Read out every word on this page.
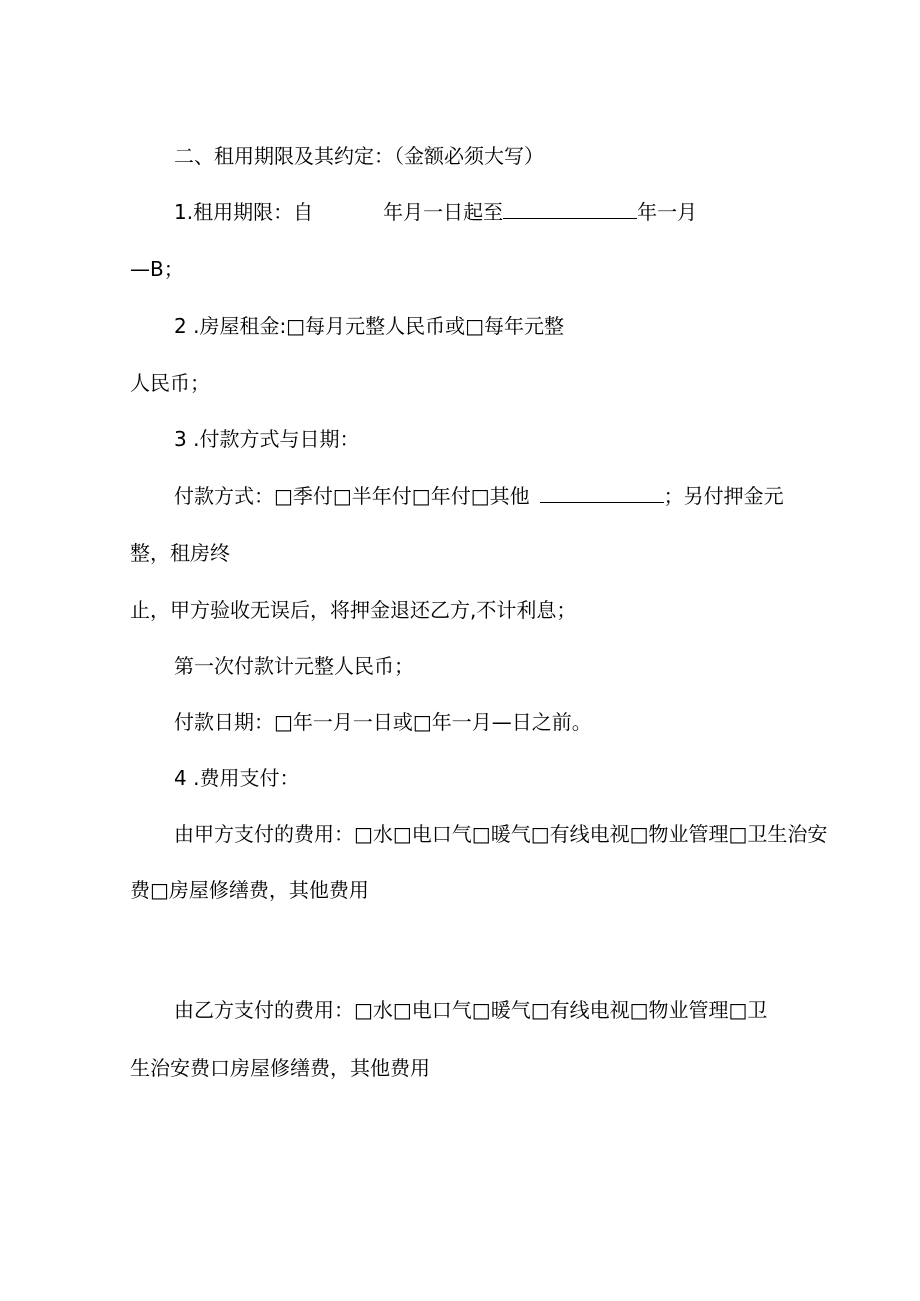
二、租用期限及其约定：（金额必须大写）
1.租用期限：自	年月一日起至	年一月
—B；
2 .房屋租金:□每月元整人民币或□每年元整
人民币；
3 .付款方式与日期：
付款方式：□季付□半年付□年付□其他	；另付押金元
整，租房终
止，甲方验收无误后，将押金退还乙方,不计利息；
第一次付款计元整人民币；
付款日期：□年一月一日或□年一月—日之前。
4 .费用支付：
由甲方支付的费用：□水□电口气□暖气□有线电视□物业管理□卫生治安
费□房屋修缮费，其他费用
由乙方支付的费用：□水□电口气□暖气□有线电视□物业管理□卫
生治安费口房屋修缮费，其他费用
